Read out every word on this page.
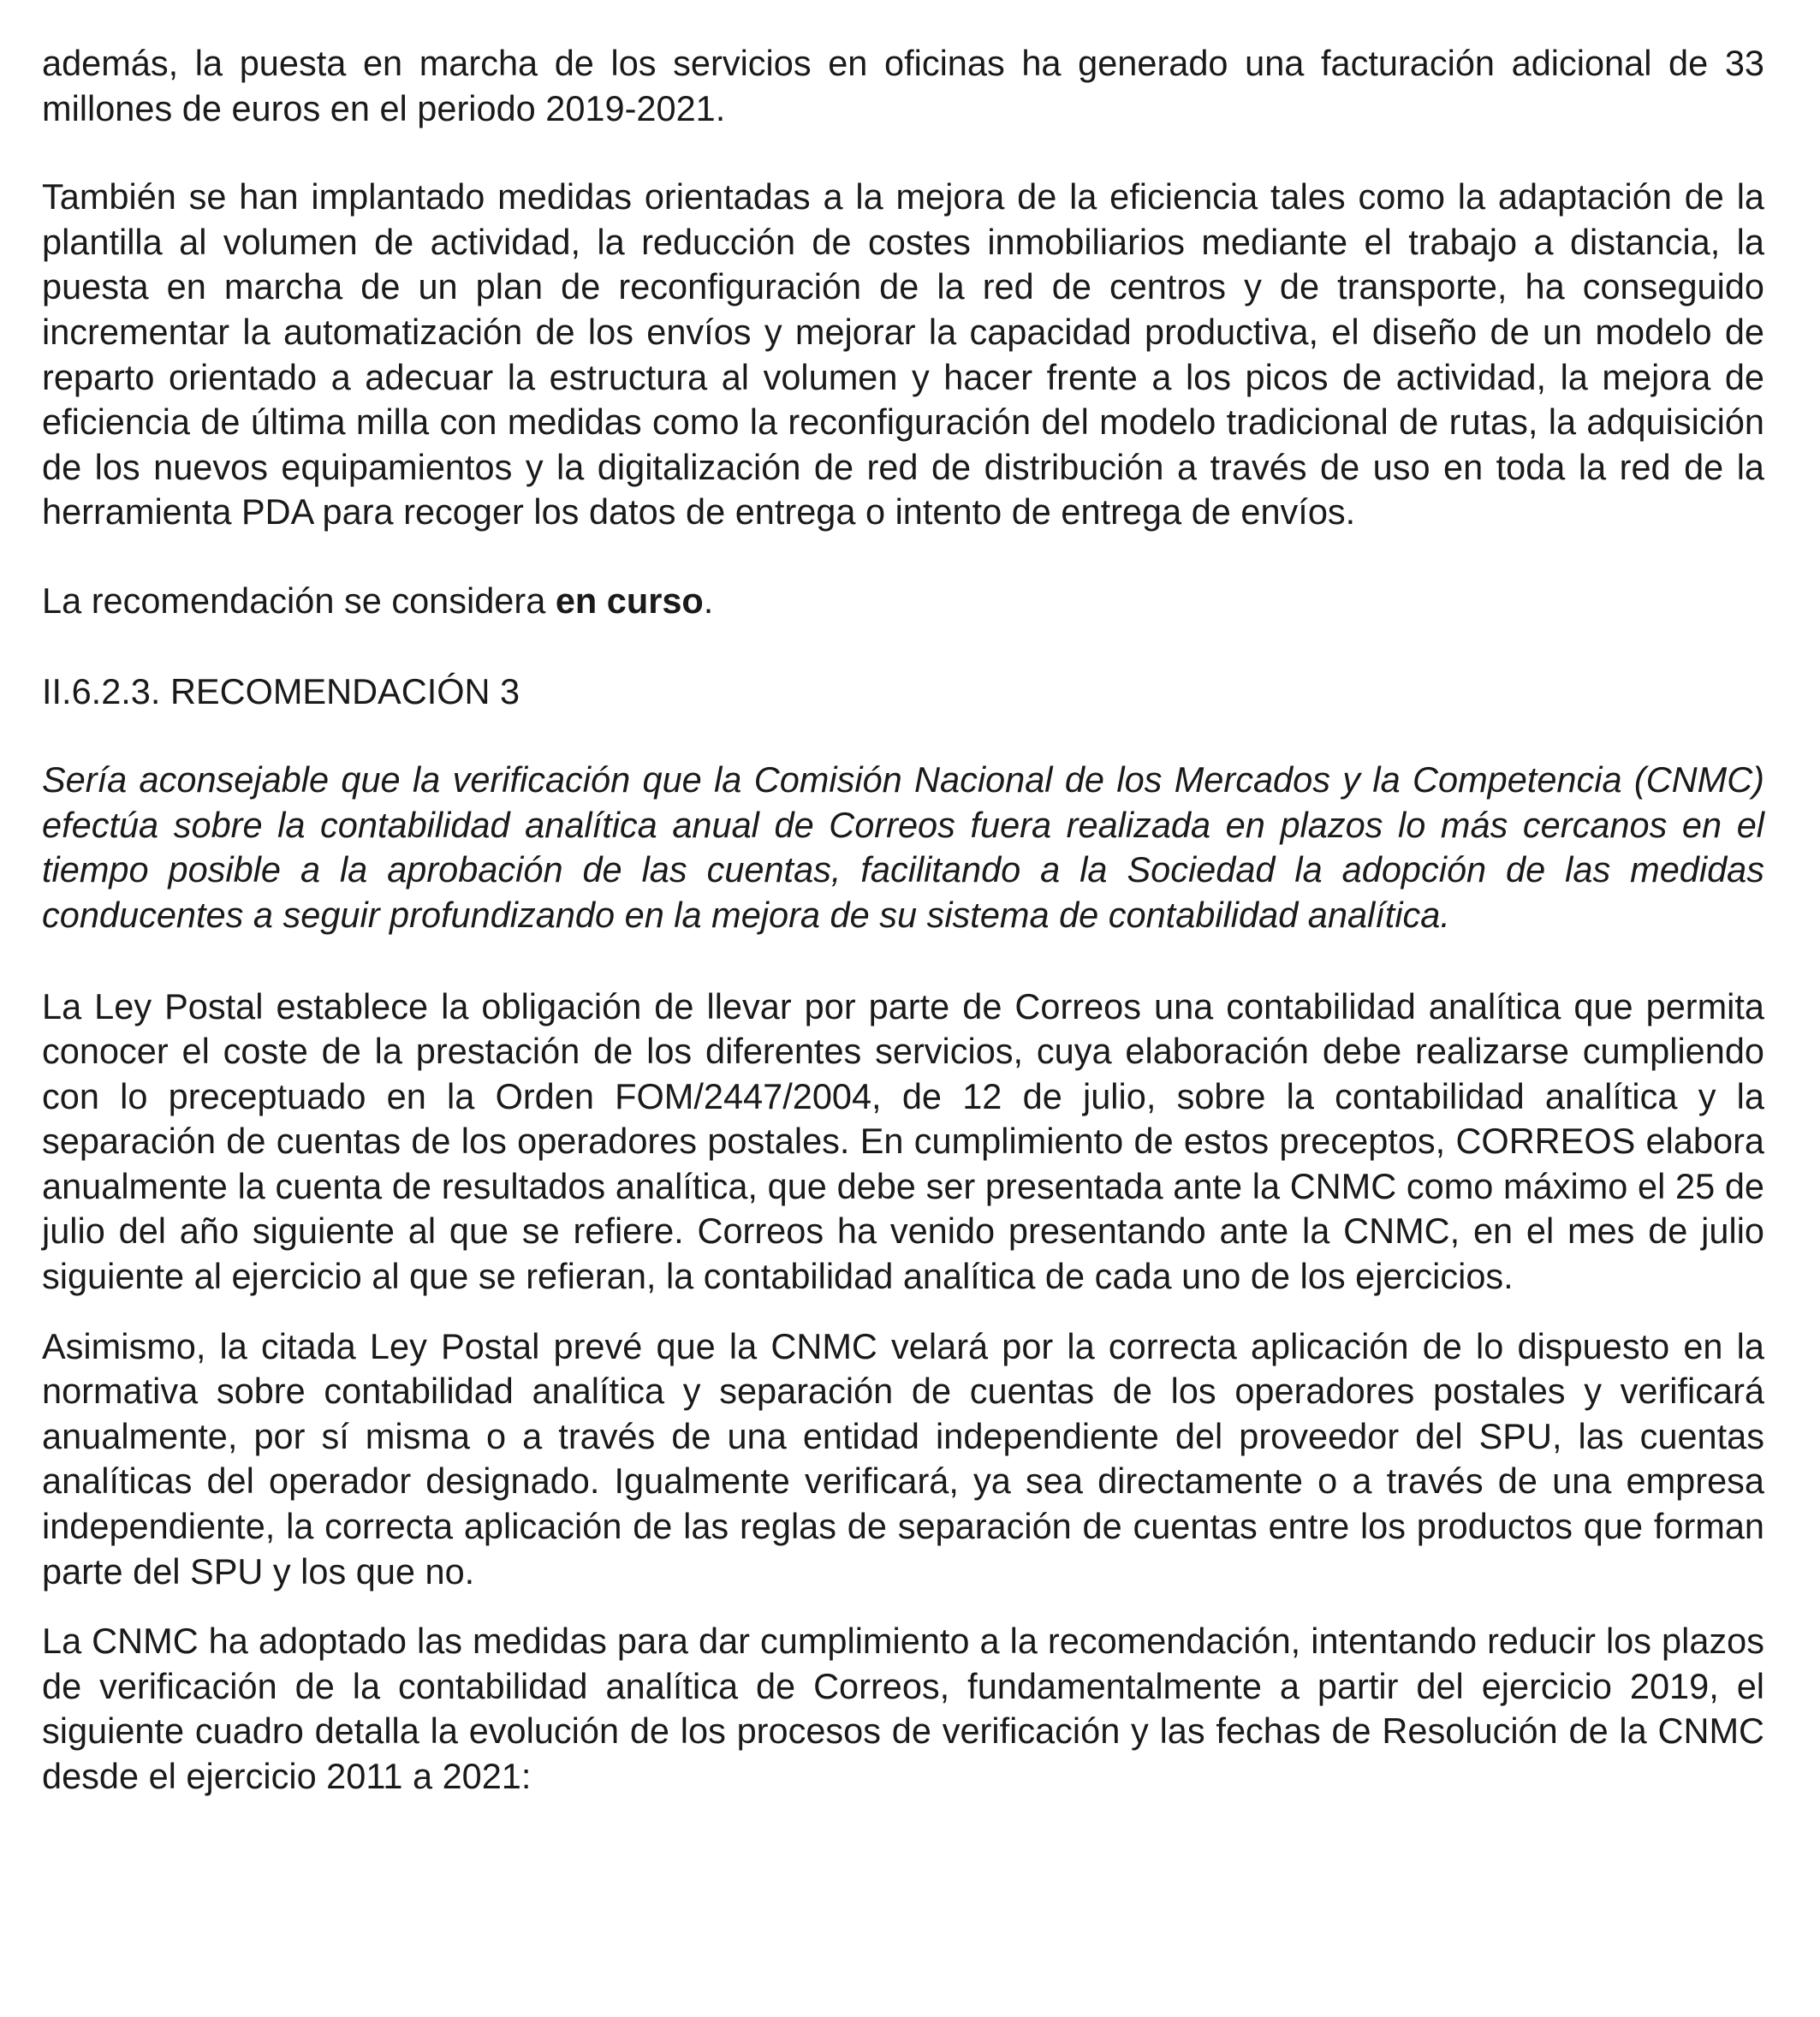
además, la puesta en marcha de los servicios en oficinas ha generado una facturación adicional de 33 millones de euros en el periodo 2019-2021.

También se han implantado medidas orientadas a la mejora de la eficiencia tales como la adaptación de la plantilla al volumen de actividad, la reducción de costes inmobiliarios mediante el trabajo a distancia, la puesta en marcha de un plan de reconfiguración de la red de centros y de transporte, ha conseguido incrementar la automatización de los envíos y mejorar la capacidad productiva, el diseño de un modelo de reparto orientado a adecuar la estructura al volumen y hacer frente a los picos de actividad, la mejora de eficiencia de última milla con medidas como la reconfiguración del modelo tradicional de rutas, la adquisición de los nuevos equipamientos y la digitalización de red de distribución a través de uso en toda la red de la herramienta PDA para recoger los datos de entrega o intento de entrega de envíos.

La recomendación se considera en curso.

II.6.2.3. RECOMENDACIÓN 3

Sería aconsejable que la verificación que la Comisión Nacional de los Mercados y la Competencia (CNMC) efectúa sobre la contabilidad analítica anual de Correos fuera realizada en plazos lo más cercanos en el tiempo posible a la aprobación de las cuentas, facilitando a la Sociedad la adopción de las medidas conducentes a seguir profundizando en la mejora de su sistema de contabilidad analítica.

La Ley Postal establece la obligación de llevar por parte de Correos una contabilidad analítica que permita conocer el coste de la prestación de los diferentes servicios, cuya elaboración debe realizarse cumpliendo con lo preceptuado en la Orden FOM/2447/2004, de 12 de julio, sobre la contabilidad analítica y la separación de cuentas de los operadores postales. En cumplimiento de estos preceptos, CORREOS elabora anualmente la cuenta de resultados analítica, que debe ser presentada ante la CNMC como máximo el 25 de julio del año siguiente al que se refiere. Correos ha venido presentando ante la CNMC, en el mes de julio siguiente al ejercicio al que se refieran, la contabilidad analítica de cada uno de los ejercicios.

Asimismo, la citada Ley Postal prevé que la CNMC velará por la correcta aplicación de lo dispuesto en la normativa sobre contabilidad analítica y separación de cuentas de los operadores postales y verificará anualmente, por sí misma o a través de una entidad independiente del proveedor del SPU, las cuentas analíticas del operador designado. Igualmente verificará, ya sea directamente o a través de una empresa independiente, la correcta aplicación de las reglas de separación de cuentas entre los productos que forman parte del SPU y los que no.

La CNMC ha adoptado las medidas para dar cumplimiento a la recomendación, intentando reducir los plazos de verificación de la contabilidad analítica de Correos, fundamentalmente a partir del ejercicio 2019, el siguiente cuadro detalla la evolución de los procesos de verificación y las fechas de Resolución de la CNMC desde el ejercicio 2011 a 2021:
